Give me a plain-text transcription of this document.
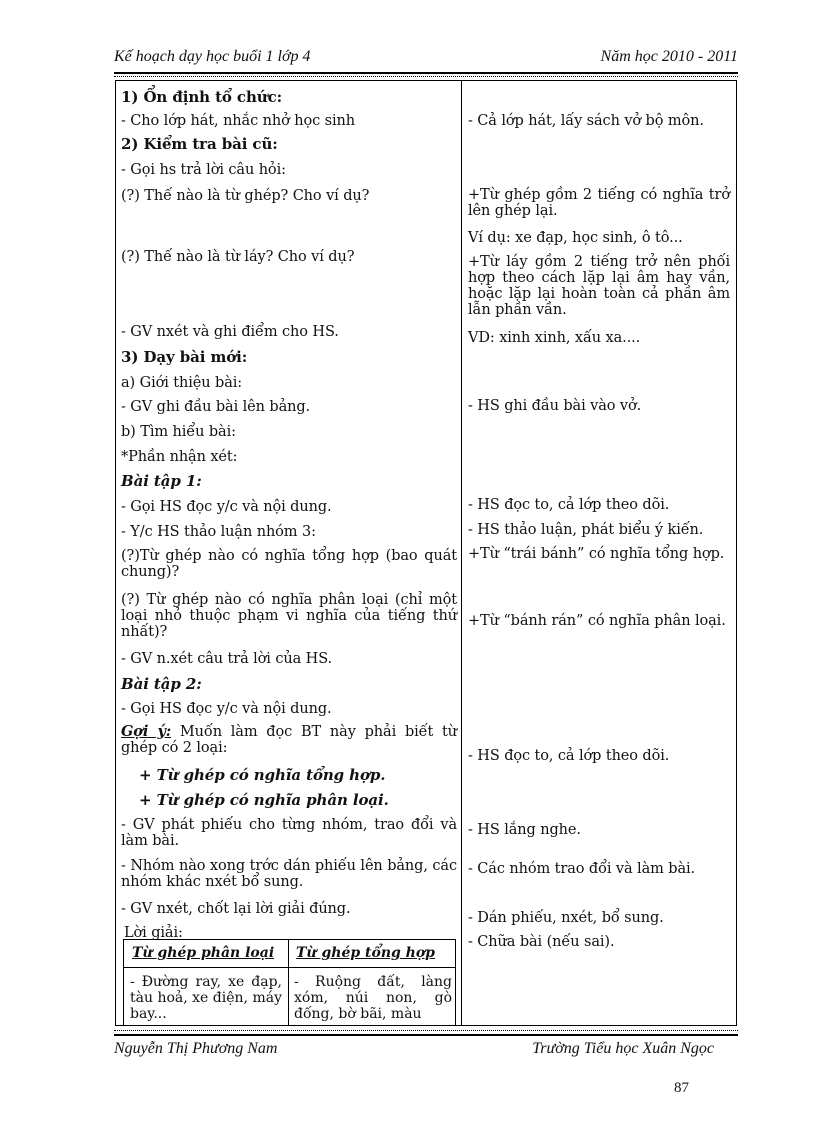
Kế hoạch dạy học buổi 1 lớp 4	Năm học 2010 - 2011
1) Ổn định tổ chức:
- Cho lớp hát, nhắc nhở học sinh
2) Kiểm tra bài cũ:
- Gọi hs trả lời câu hỏi:
(?) Thế nào là từ ghép? Cho ví dụ?
(?) Thế nào là từ láy? Cho ví dụ?
- GV nxét và ghi điểm cho HS.
3) Dạy bài mới:
a) Giới thiệu bài:
- GV ghi đầu bài lên bảng.
b) Tìm hiểu bài:
*Phần nhận xét:
Bài tập 1:
- Gọi HS đọc y/c và nội dung.
- Y/c HS thảo luận nhóm 3:
(?)Từ ghép nào có nghĩa tổng hợp (bao quát chung)?
(?) Từ ghép nào có nghĩa phân loại (chỉ một loại nhỏ thuộc phạm vi nghĩa của tiếng thứ nhất)?
- GV n.xét câu trả lời của HS.
Bài tập 2:
- Gọi HS đọc y/c và nội dung.
Gợi ý: Muốn làm đọc BT này phải biết từ ghép có 2 loại:
+ Từ ghép có nghĩa tổng hợp.
+ Từ ghép có nghĩa phân loại.
- GV phát phiếu cho từng nhóm, trao đổi và làm bài.
- Nhóm nào xong trớc dán phiếu lên bảng, các nhóm khác nxét bổ sung.
- GV nxét, chốt lại lời giải đúng.
Lời giải:
- Cả lớp hát, lấy sách vở bộ môn.
+Từ ghép gồm 2 tiếng có nghĩa trở lên ghép lại.
Ví dụ: xe đạp, học sinh, ô tô...
+Từ láy gồm 2 tiếng trở nên phối hợp theo cách lặp lại âm hay vần, hoặc lặp lại hoàn toàn cả phần âm lẫn phần vần.
VD: xinh xinh, xấu xa....
- HS ghi đầu bài vào vở.
- HS đọc to, cả lớp theo dõi.
- HS thảo luận, phát biểu ý kiến.
+Từ “trái bánh” có nghĩa tổng hợp.
+Từ “bánh rán” có nghĩa phân loại.
- HS đọc to, cả lớp theo dõi.
- HS lắng nghe.
- Các nhóm trao đổi và làm bài.
- Dán phiếu, nxét, bổ sung.
- Chữa bài (nếu sai).
Từ ghép phân loại Từ ghép tổng hợp
- Đường ray, xe đạp, tàu hoả, xe điện, máy bay...
- Ruộng đất, làng xóm, núi non, gò đống, bờ bãi, màu
Nguyễn Thị Phương Nam	Trường Tiểu học Xuân Ngọc
87
